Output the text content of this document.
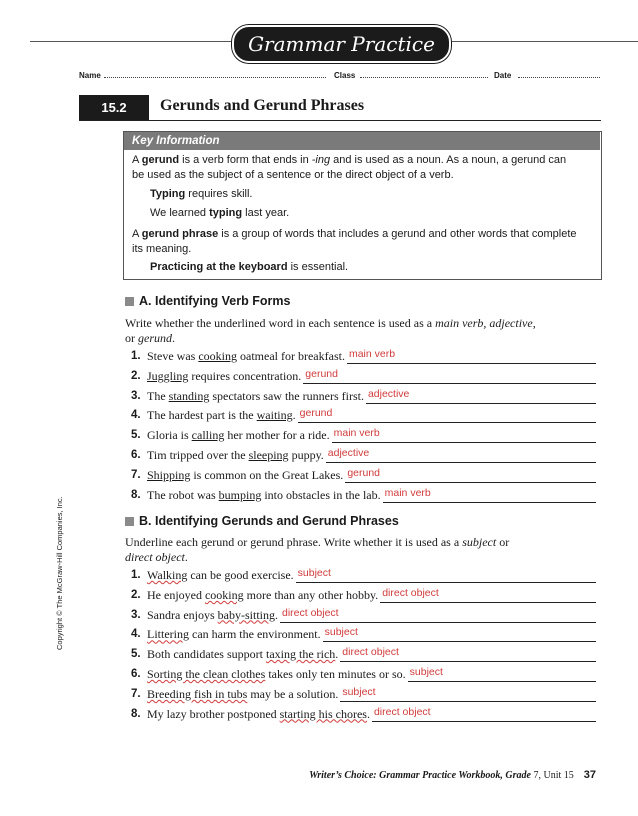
Grammar Practice
Name	Class	Date
15.2	Gerunds and Gerund Phrases
Key Information
A gerund is a verb form that ends in -ing and is used as a noun. As a noun, a gerund can
be used as the subject of a sentence or the direct object of a verb.
Typing requires skill.
We learned typing last year.
A gerund phrase is a group of words that includes a gerund and other words that complete
its meaning.
Practicing at the keyboard is essential.
A. Identifying Verb Forms
Write whether the underlined word in each sentence is used as a main verb, adjective,
or gerund.
1. Steve was cooking oatmeal for breakfast. main verb
2. Juggling requires concentration. gerund
3. The standing spectators saw the runners first. adjective
4. The hardest part is the waiting. gerund
5. Gloria is calling her mother for a ride. main verb
6. Tim tripped over the sleeping puppy. adjective
7. Shipping is common on the Great Lakes. gerund
8. The robot was bumping into obstacles in the lab. main verb
B. Identifying Gerunds and Gerund Phrases
Underline each gerund or gerund phrase. Write whether it is used as a subject or
direct object.
1. Walking can be good exercise. subject
2. He enjoyed cooking more than any other hobby. direct object
3. Sandra enjoys baby-sitting. direct object
4. Littering can harm the environment. subject
5. Both candidates support taxing the rich. direct object
6. Sorting the clean clothes takes only ten minutes or so. subject
7. Breeding fish in tubs may be a solution. subject
8. My lazy brother postponed starting his chores. direct object
Copyright © The McGraw-Hill Companies, Inc.
Writer’s Choice: Grammar Practice Workbook, Grade 7, Unit 15 37
